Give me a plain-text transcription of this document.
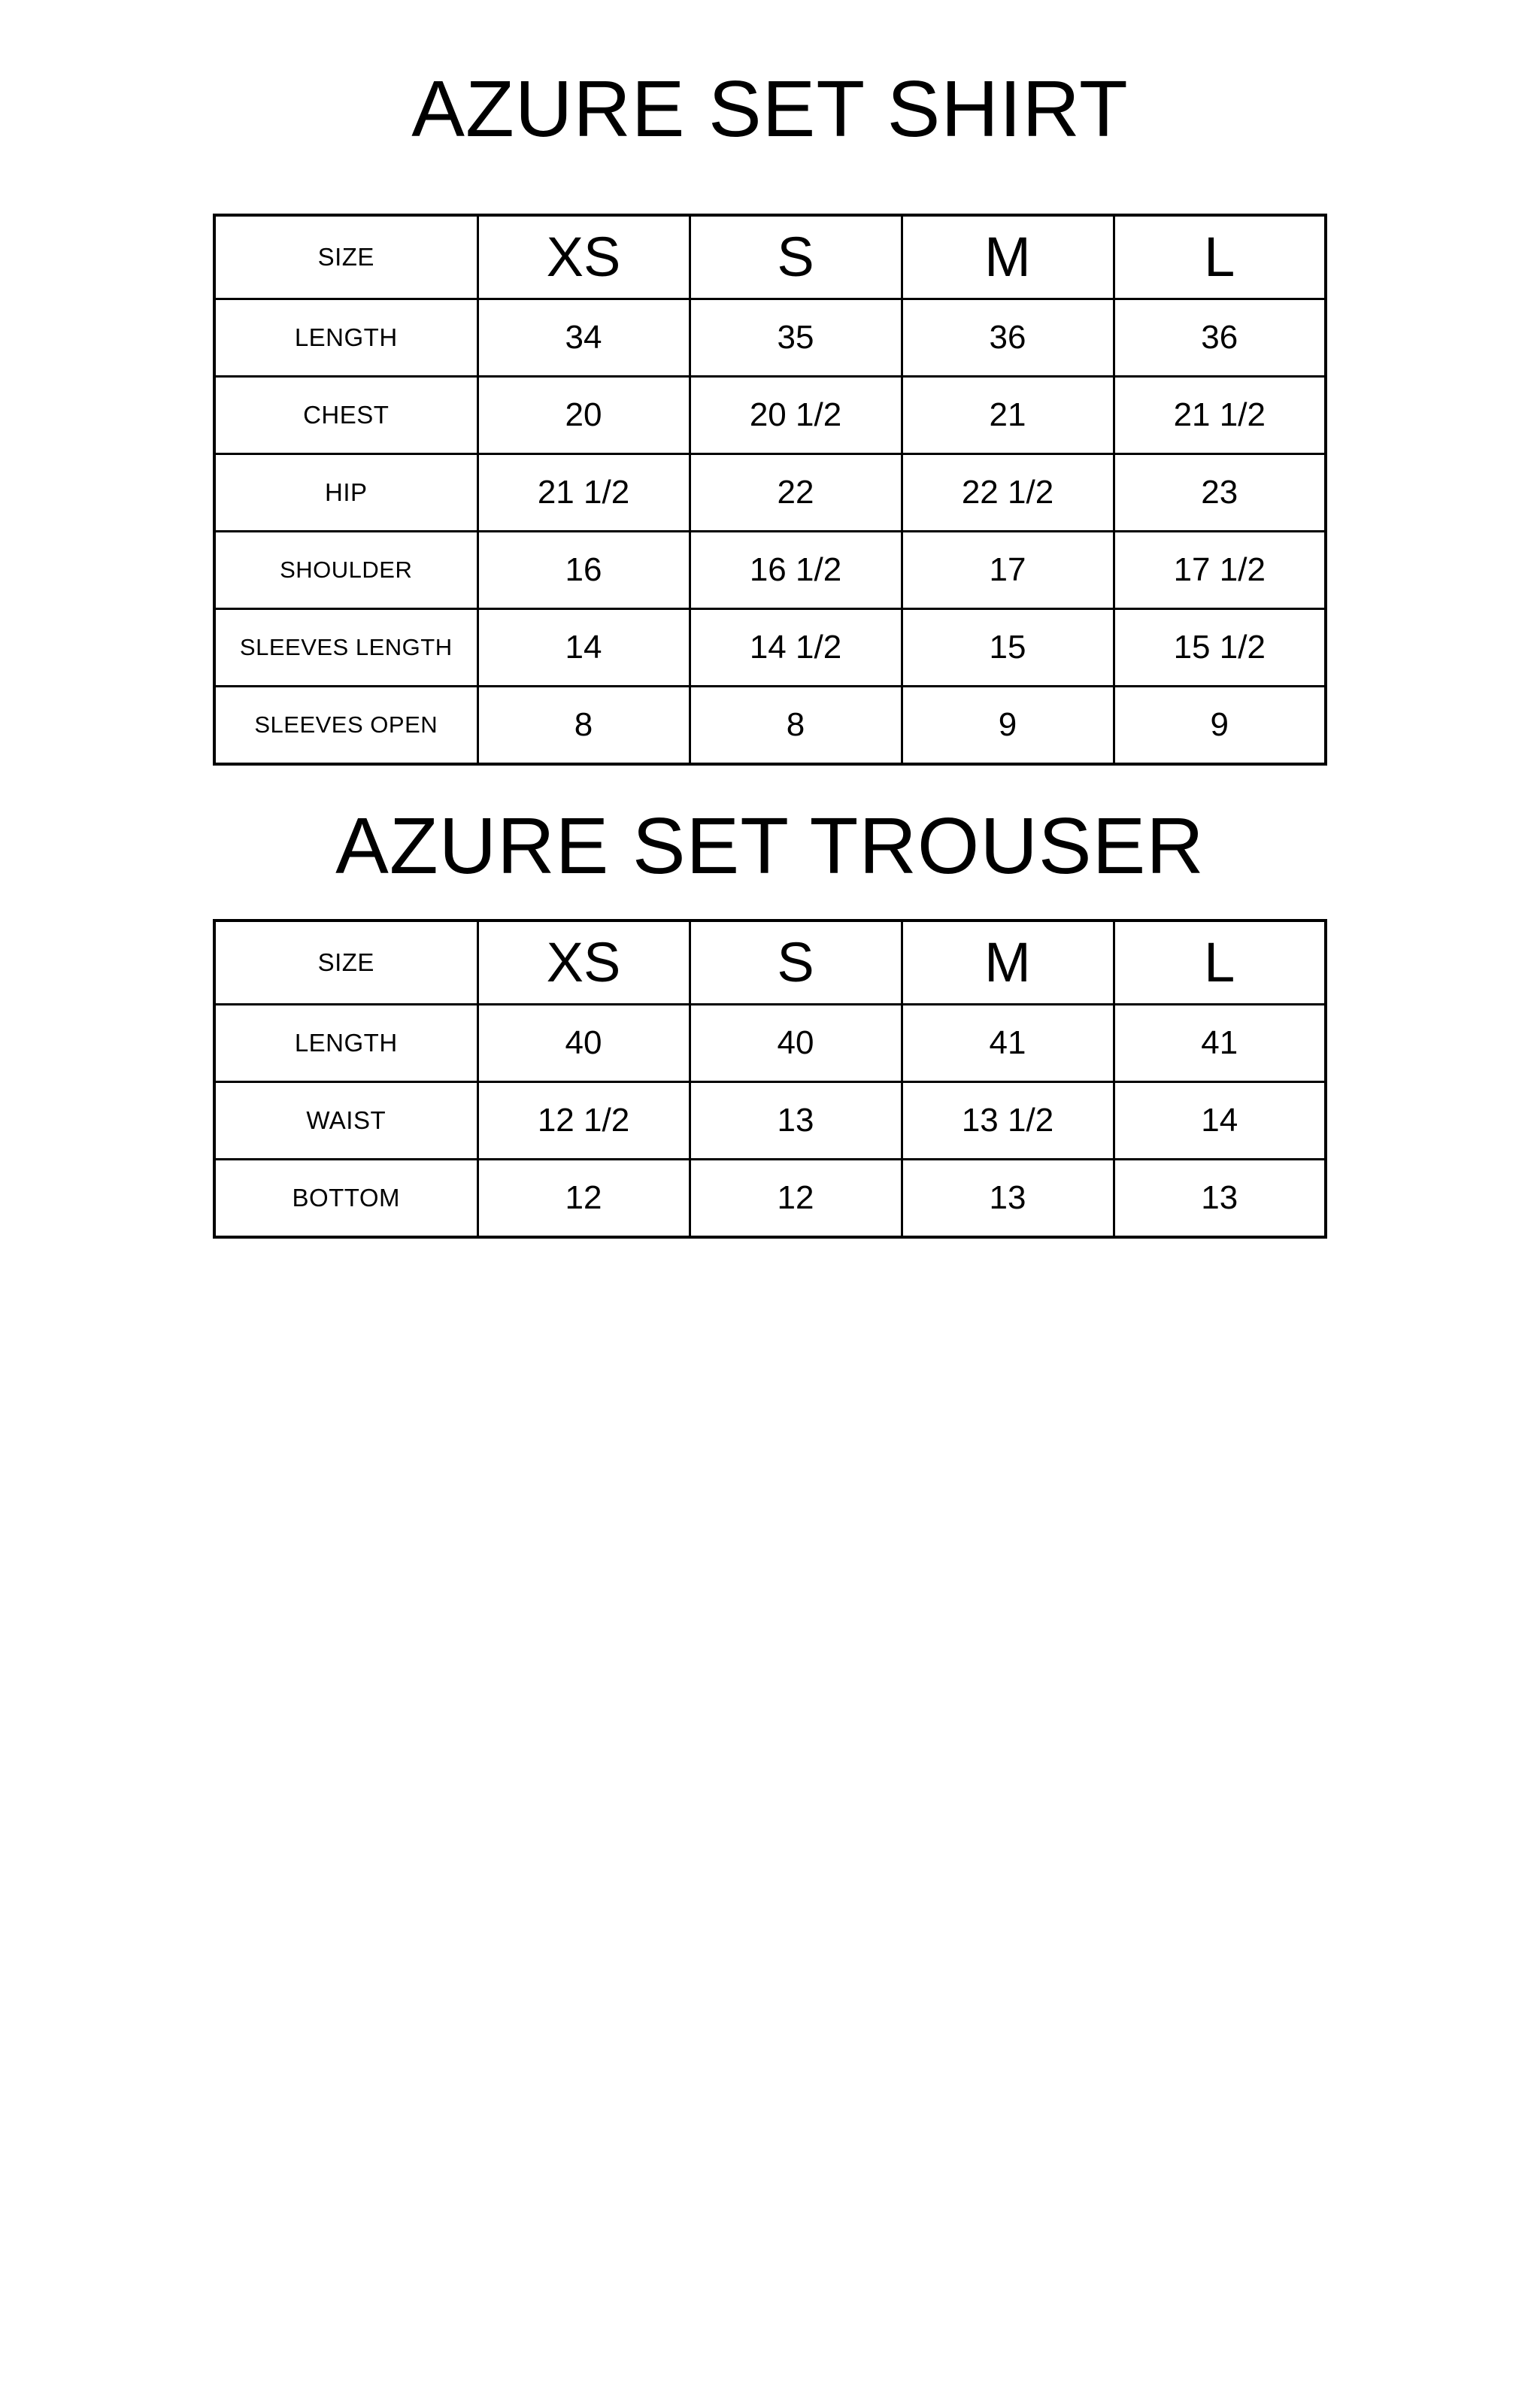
AZURE SET SHIRT
SIZE	XS	S	M	L
LENGTH	34	35	36	36
CHEST	20	20 1/2	21	21 1/2
HIP	21 1/2	22	22 1/2	23
SHOULDER	16	16 1/2	17	17 1/2
SLEEVES LENGTH	14	14 1/2	15	15 1/2
SLEEVES OPEN	8	8	9	9
AZURE SET TROUSER
SIZE	XS	S	M	L
LENGTH	40	40	41	41
WAIST	12 1/2	13	13 1/2	14
BOTTOM	12	12	13	13
